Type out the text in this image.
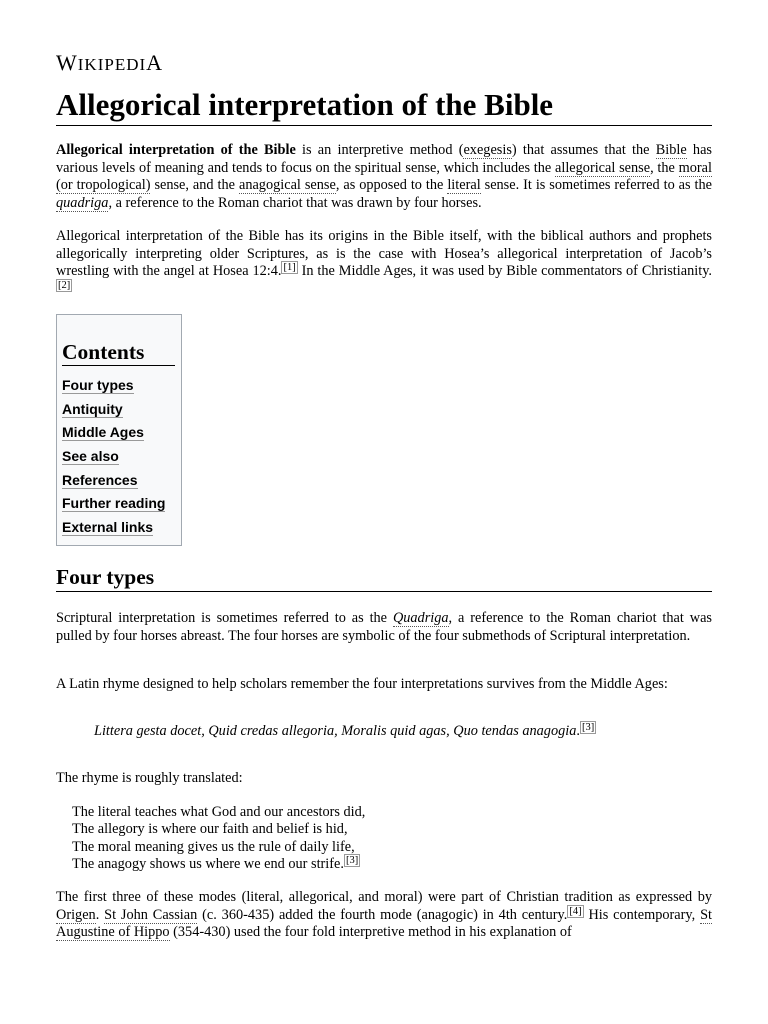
WIKIPEDIA
Allegorical interpretation of the Bible

Allegorical interpretation of the Bible is an interpretive method (exegesis) that assumes that the Bible has various levels of meaning and tends to focus on the spiritual sense, which includes the allegorical sense, the moral (or tropological) sense, and the anagogical sense, as opposed to the literal sense. It is sometimes referred to as the quadriga, a reference to the Roman chariot that was drawn by four horses.

Allegorical interpretation of the Bible has its origins in the Bible itself, with the biblical authors and prophets allegorically interpreting older Scriptures, as is the case with Hosea’s allegorical interpretation of Jacob’s wrestling with the angel at Hosea 12:4. [1] In the Middle Ages, it was used by Bible commentators of Christianity.[2]

Contents
Four types
Antiquity
Middle Ages
See also
References
Further reading
External links
Four types

Scriptural interpretation is sometimes referred to as the Quadriga, a reference to the Roman chariot that was pulled by four horses abreast. The four horses are symbolic of the four submethods of Scriptural interpretation.

A Latin rhyme designed to help scholars remember the four interpretations survives from the Middle Ages:

Littera gesta docet, Quid credas allegoria, Moralis quid agas, Quo tendas anagogia. [3]

The rhyme is roughly translated:

The literal teaches what God and our ancestors did,
The allegory is where our faith and belief is hid,
The moral meaning gives us the rule of daily life,
The anagogy shows us where we end our strife. [3]

The first three of these modes (literal, allegorical, and moral) were part of Christian tradition as expressed by Origen. St John Cassian (c. 360-435) added the fourth mode (anagogic) in 4th century. [4] His contemporary, St Augustine of Hippo (354-430) used the four fold interpretive method in his explanation of
